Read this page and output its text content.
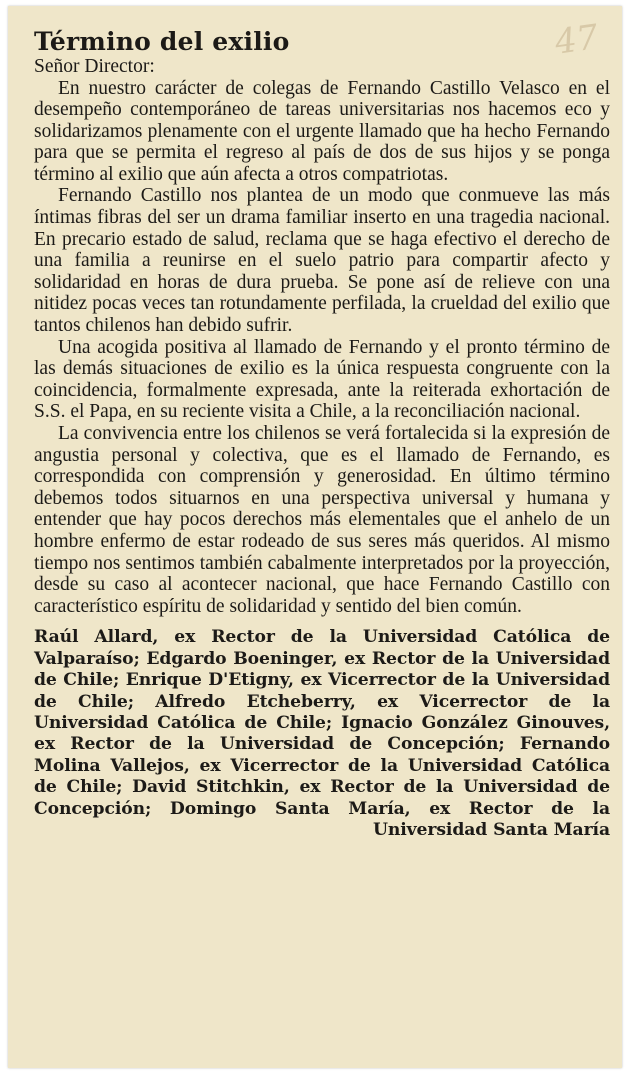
47
Término del exilio

Señor Director:

En nuestro carácter de colegas de Fernando Castillo Velasco en el desempeño contemporáneo de tareas universitarias nos hacemos eco y solidarizamos plenamente con el urgente llamado que ha hecho Fernando para que se permita el regreso al país de dos de sus hijos y se ponga término al exilio que aún afecta a otros compatriotas.

Fernando Castillo nos plantea de un modo que conmueve las más íntimas fibras del ser un drama familiar inserto en una tragedia nacional. En precario estado de salud, reclama que se haga efectivo el derecho de una familia a reunirse en el suelo patrio para compartir afecto y solidaridad en horas de dura prueba. Se pone así de relieve con una nitidez pocas veces tan rotundamente perfilada, la crueldad del exilio que tantos chilenos han debido sufrir.

Una acogida positiva al llamado de Fernando y el pronto término de las demás situaciones de exilio es la única respuesta congruente con la coincidencia, formalmente expresada, ante la reiterada exhortación de S.S. el Papa, en su reciente visita a Chile, a la reconciliación nacional.

La convivencia entre los chilenos se verá fortalecida si la expresión de angustia personal y colectiva, que es el llamado de Fernando, es correspondida con comprensión y generosidad. En último término debemos todos situarnos en una perspectiva universal y humana y entender que hay pocos derechos más elementales que el anhelo de un hombre enfermo de estar rodeado de sus seres más queridos. Al mismo tiempo nos sentimos también cabalmente interpretados por la proyección, desde su caso al acontecer nacional, que hace Fernando Castillo con característico espíritu de solidaridad y sentido del bien común.

Raúl Allard, ex Rector de la Universidad Católica de Valparaíso; Edgardo Boeninger, ex Rector de la Universidad de Chile; Enrique D'Etigny, ex Vicerrector de la Universidad de Chile; Alfredo Etcheberry, ex Vicerrector de la Universidad Católica de Chile; Ignacio González Ginouves, ex Rector de la Universidad de Concepción; Fernando Molina Vallejos, ex Vicerrector de la Universidad Católica de Chile; David Stitchkin, ex Rector de la Universidad de Concepción; Domingo Santa María, ex Rector de la Universidad Santa María
